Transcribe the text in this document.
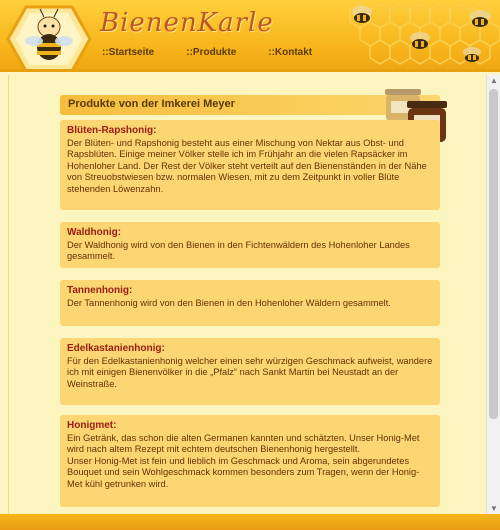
BienenKarle
::Startseite	::Produkte	::Kontakt
Produkte von der Imkerei Meyer
Blüten-Rapshonig:

Der Blüten- und Rapshonig besteht aus einer Mischung von Nektar aus Obst- und Rapsblüten. Einige meiner Völker stelle ich im Frühjahr an die vielen Rapsäcker im Hohenloher Land. Der Rest der Völker steht verteilt auf den Bienenständen in der Nähe von Streuobstwiesen bzw. normalen Wiesen, mit zu dem Zeitpunkt in voller Blüte stehenden Löwenzahn.

Waldhonig:

Der Waldhonig wird von den Bienen in den Fichtenwäldern des Hohenloher Landes gesammelt.

Tannenhonig:

Der Tannenhonig wird von den Bienen in den Hohenloher Wäldern gesammelt.

Edelkastanienhonig:

Für den Edelkastanienhonig welcher einen sehr würzigen Geschmack aufweist, wandere ich mit einigen Bienenvölker in die „Pfalz“ nach Sankt Martin bei Neustadt an der Weinstraße.

Honigmet:

Ein Getränk, das schon die alten Germanen kannten und schätzten. Unser Honig-Met wird nach altem Rezept mit echtem deutschen Bienenhonig hergestellt.

Unser Honig-Met ist fein und lieblich im Geschmack und Aroma, sein abgerundetes Bouquet und sein Wohlgeschmack kommen besonders zum Tragen, wenn der Honig-Met kühl getrunken wird.

▲
▼
